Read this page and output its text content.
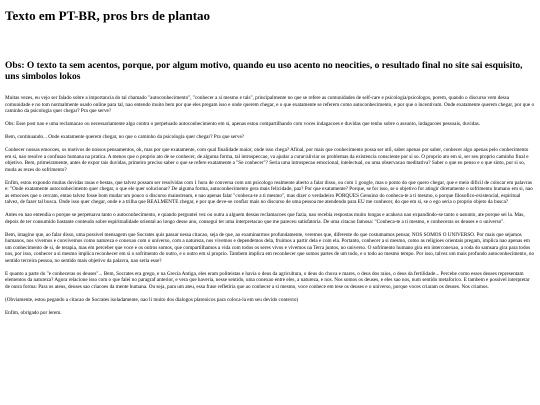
Texto em PT-BR, pros brs de plantao
Obs: O texto ta sem acentos, porque, por algum motivo, quando eu uso acento no neocities, o resultado final no site sai esquisito, uns simbolos lokos

Muitas vezes, eu vejo ser falado sobre a importancia do tal chamado "autoconhecimento", "conhecer a si mesmo e tals", principalmente no que se refere as comunidades de self-care e psicologia/psicologos, porem, quando o discurso vem dessa comunidade e no tom normalmente usado online para tal, nao entendo muito bem por que eles pregam isso e onde querem chegar, e o que exatamente se referem como autoconhecimento, e por que o incentivam. Onde exatamente querem chegar, por que o caminho da psicologia quer chegar? Pra que serve?

Obs: Esse post nao e uma reclamacao ou necessariamente algo contra o perpetuado autoconhecimento em si, apenas estou compartilhando com voces indagacoes e duvidas que tenho sobre o assunto, indagacoes pessoais, duvidas.

Bem, continuando... Onde exatamente querem chegar, no que o caminho da psicologia quer chegar? Pra que serve?

Conhecer nossas emocoes, os motivos de nossos pensamentos, ok, mas por que exatamente, com qual finalidade maior, onde isso chega? Afinal, por mais que conhecimento possa ser util, saber apenas por saber, conhecer algo apenas pelo conhecimento em si, nao resolve a confusao humana na pratica. A menos que o proprio ato de se conhecer, de alguma forma, tal introspeccao, va ajudar a curar/aliviar os problemas da existencia consciente por si so. O proprio ato em si, ser seu proprio caminho final e objetivo. Bem, primeiramente, antes de expor tais duvidas, primeiro preciso saber o que se refere exatamente a "Se conhecer"? Seria uma introspecao emocional, intelectual, ou uma observacao meditativa? Saber o que eu penso e o que sinto, por si so, muda as rezes do sofrimento?

Enfim, estou expondo muitas duvidas rasas e bestas, que talvez possam ser resolvidas com 1 hora de conversa com um psicologo realmente aberto a falar disso, ou com 1 google, mas o ponto do que quero chegar, que e meio dificil de colocar em palavras e: "Onde exatamente autoconhecimento quer chegar, o que ele quer solucionar? De alguma forma, autoconhecimento gera mais felicidade, paz? Por que exatamente? Porque, se for isso, se o objetivo for atingir diretamente o sofrimento humano em si, nao as emocoes que o cercam, entao talvez fosse bom mudar um pouco o discurso mainstream, e nao apenas falar "conheca-te a ti mesmo", mas dizer o verdadeiro PORQUES Genuino do conheca-te a ti mesmo, o porque filosofico-existencial, espiritual talvez, de fazer tal busca. Onde isso quer chegar, onde e a trilha que REALMENTE chegar, e por que deve-se confiar mais no discurso de uma pessoa me atendendo para EU me conhecer, do que em si, se o ego seria o proprio objeto da busca?

Antes eu nao entendia o porque se perpetuava tanto o autoconhecimento, e quando perguntei vez ou outra a alguem dessas reclamacoes que fazia, nao recebia respostas muito longas e acabava nao expandindo-se tanto o assunto, ate porque sei la. Mas, depois de ter consumido bastante conteudo sobre espiritualidade oriental ao longo desse ano, consegui ter uma interpretacao que me pareceu satisfatoria. De uma citacao famosa: "Conheca-te a ti mesmo, e conheceras os deuses e o universo".

Bem, imagino que, ao falar disso, uma possivel mensagem que Socrates quis passar nessa citacao, seja de que, ao examinarmos profundamente, veremos que, diferente do que costumamos pensar, NOS SOMOS O UNIVERSO. Por mais que sejamos humanos, nos vivemos e convivemos como natureza e conexao com o universo, com a natureza, nos vivemos e dependemos dela, fruimos a partir dela e com ela. Portanto, conhecer a si mesmo, como as religioes orientais pregam, implica nao apenas em um conhecimento de si, de terapia, mas em perceber que voce e os outros somos, que compartilhamos a vida com todos os seres vivos e vivemos na Terra juntos, no universo. O sofrimento humano gira em interconexao, a roda do samsara gira para todos nos, por isso, conhecer a si mesmo implica reconhecer em si o sofrimento do outro, e o outro em si proprio. Tambem implica em reconhecer que somos partes de um todo, e o todo ao mesmo tempo. Por isso, talvez um mais profundo autoconhecimento, no sentido terceira pessoa, no sentido mais objetivo da palavra, nao seria esse?

E quanto a parte do "e conheceras os deuses"... Bem, Socrates era grego, e na Grecia Antiga, eles eram politeistas e havia o deus da agricultura, o deus do chuva e mares, o deus dos raios, o deus da fertilidade... Percebe como esses deuses representam elementos da natureza? Agora relacione isso com o que falei no paragraf anterior, e vera que haveria, nesse sentido, uma conexao entre eles, a natureza, e nos. Nos somos os deuses, e eles sao nos, num sentido metaforico. E tambem e possivel interpretar de outra forma: Para os ateus, deuses sao criacoes da mente humana. Ou seja, para um ateu, essa frase refletiria que ao conhecer a si mesmo, voce conhece em tese os deuses e o universo, porque voces criaram os deuses. Nos criamos.

(Obviamente, estou pegando a citacao de Socrates isoladamente, nao li muito dos dialogos platonicos para coloca-la em seu devido contexto)

Enfim, obrigado por lerem.
